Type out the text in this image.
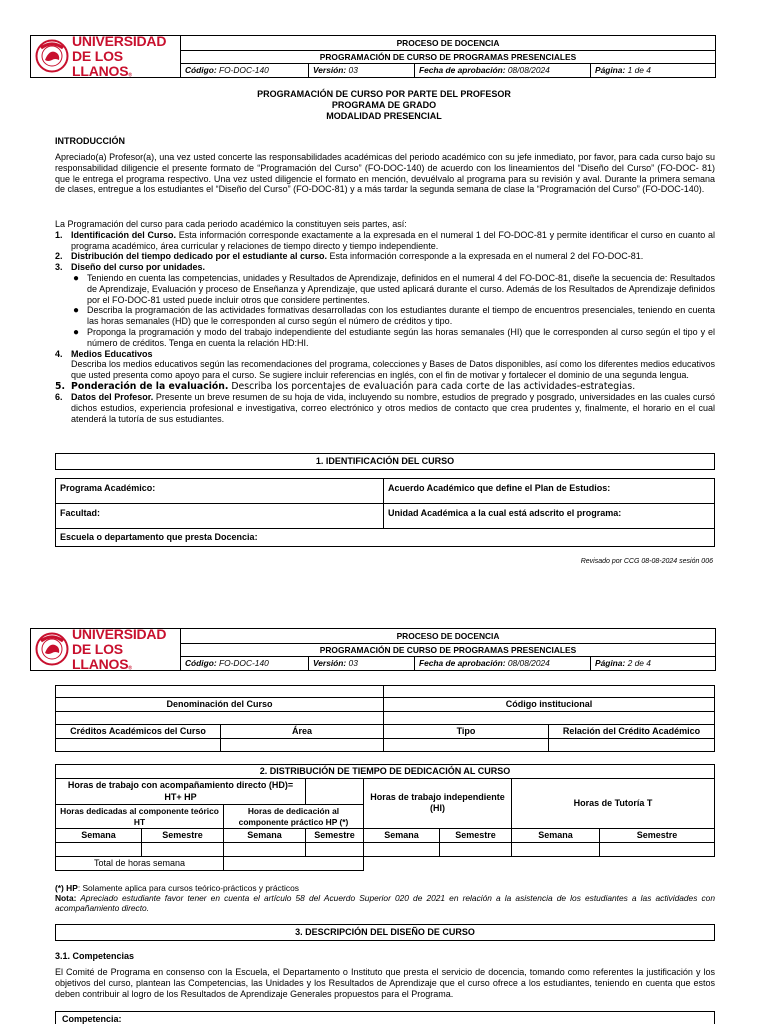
UNIVERSIDAD
DE LOS LLANOS®	PROCESO DE DOCENCIA			
	PROGRAMACIÓN DE CURSO DE PROGRAMAS PRESENCIALES			
	Código: FO-DOC-140	Versión: 03	Fecha de aprobación: 08/08/2024	Página: 1 de 4
PROGRAMACIÓN DE CURSO POR PARTE DEL PROFESOR
PROGRAMA DE GRADO
MODALIDAD PRESENCIAL
INTRODUCCIÓN
Apreciado(a) Profesor(a), una vez usted concerte las responsabilidades académicas del periodo académico con su jefe inmediato, por favor, para cada curso bajo su responsabilidad diligencie el presente formato de “Programación del Curso” (FO-DOC-140) de acuerdo con los lineamientos del “Diseño del Curso” (FO-DOC- 81) que le entrega el programa respectivo. Una vez usted diligencie el formato en mención, devuélvalo al programa para su revisión y aval. Durante la primera semana de clases, entregue a los estudiantes el “Diseño del Curso” (FO-DOC-81) y a más tardar la segunda semana de clase la “Programación del Curso” (FO-DOC-140).
La Programación del curso para cada periodo académico la constituyen seis partes, así:
1. Identificación del Curso. Esta información corresponde exactamente a la expresada en el numeral 1 del FO-DOC-81 y permite identificar el curso en cuanto al programa académico, área curricular y relaciones de tiempo directo y tiempo independiente.
2. Distribución del tiempo dedicado por el estudiante al curso. Esta información corresponde a la expresada en el numeral 2 del FO-DOC-81.
3. Diseño del curso por unidades.
● Teniendo en cuenta las competencias, unidades y Resultados de Aprendizaje, definidos en el numeral 4 del FO-DOC-81, diseñe la secuencia de: Resultados de Aprendizaje, Evaluación y proceso de Enseñanza y Aprendizaje, que usted aplicará durante el curso. Además de los Resultados de Aprendizaje definidos por el FO-DOC-81 usted puede incluir otros que considere pertinentes.
● Describa la programación de las actividades formativas desarrolladas con los estudiantes durante el tiempo de encuentros presenciales, teniendo en cuenta las horas semanales (HD) que le corresponden al curso según el número de créditos y tipo.
● Proponga la programación y modo del trabajo independiente del estudiante según las horas semanales (HI) que le corresponden al curso según el tipo y el número de créditos. Tenga en cuenta la relación HD:HI.
4. Medios Educativos
Describa los medios educativos según las recomendaciones del programa, colecciones y Bases de Datos disponibles, así como los diferentes medios educativos que usted presenta como apoyo para el curso. Se sugiere incluir referencias en inglés, con el fin de motivar y fortalecer el dominio de una segunda lengua.
5. Ponderación de la evaluación. Describa los porcentajes de evaluación para cada corte de las actividades-estrategias.
6. Datos del Profesor. Presente un breve resumen de su hoja de vida, incluyendo su nombre, estudios de pregrado y posgrado, universidades en las cuales cursó dichos estudios, experiencia profesional e investigativa, correo electrónico y otros medios de contacto que crea prudentes y, finalmente, el horario en el cual atenderá la tutoría de sus estudiantes.
1. IDENTIFICACIÓN DEL CURSO
Programa Académico:	Acuerdo Académico que define el Plan de Estudios:
Facultad:	Unidad Académica a la cual está adscrito el programa:
Escuela o departamento que presta Docencia:	
Revisado por CCG 08-08-2024 sesión 006
UNIVERSIDAD
DE LOS LLANOS®	PROCESO DE DOCENCIA			
	PROGRAMACIÓN DE CURSO DE PROGRAMAS PRESENCIALES			
	Código: FO-DOC-140	Versión: 03	Fecha de aprobación: 08/08/2024	Página: 2 de 4

Denominación del Curso		Código institucional	

Créditos Académicos del Curso	Área	Tipo	Relación del Crédito Académico

2. DISTRIBUCIÓN DE TIEMPO DE DEDICACIÓN AL CURSO							
Horas de trabajo con acompañamiento directo (HD)= HT+ HP				Horas de trabajo independiente (HI)		Horas de Tutoría T	
Horas dedicadas al componente teórico HT		Horas de dedicación al componente práctico HP (*)					
Semana	Semestre	Semana	Semestre	Semana	Semestre	Semana	Semestre

Total de horas semana							
(*) HP: Solamente aplica para cursos teórico-prácticos y prácticos
Nota: Apreciado estudiante favor tener en cuenta el artículo 58 del Acuerdo Superior 020 de 2021 en relación a la asistencia de los estudiantes a las actividades con acompañamiento directo.
3. DESCRIPCIÓN DEL DISEÑO DE CURSO
3.1. Competencias
El Comité de Programa en consenso con la Escuela, el Departamento o Instituto que presta el servicio de docencia, tomando como referentes la justificación y los objetivos del curso, plantean las Competencias, las Unidades y los Resultados de Aprendizaje que el curso ofrece a los estudiantes, teniendo en cuenta que estos deben contribuir al logro de los Resultados de Aprendizaje Generales propuestos para el Programa.
Competencia:
